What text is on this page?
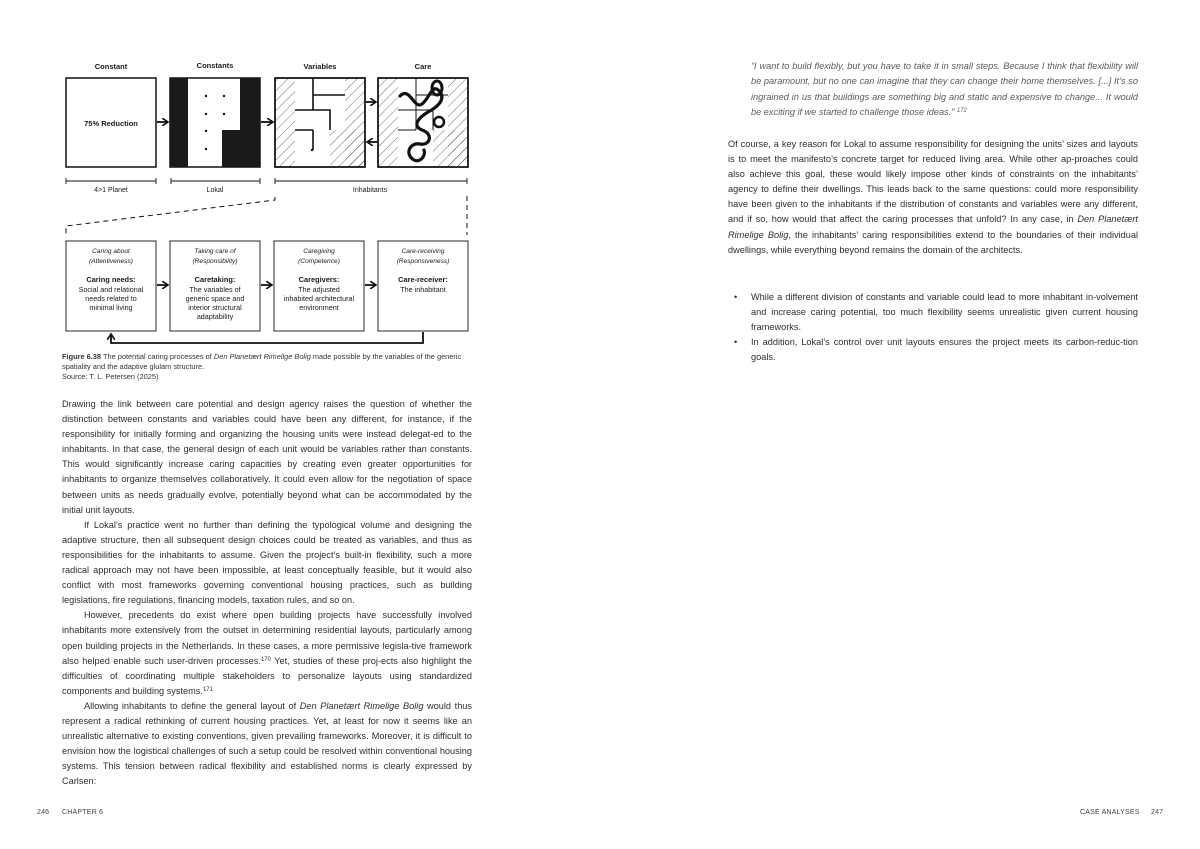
Constant	Constants	Variables	Care
75% Reduction
4>1 Planet	Lokal	Inhabitants
Caring about
(Attentiveness)
Caring needs:
Social and relational
needs related to
minimal living
Taking care of
(Responsibility)
Caretaking:
The variables of
generic space and
interior structural
adaptability
Caregiving
(Competence)
Caregivers:
The adjusted
inhabited architectural
environment
Care-receiving
(Responsiveness)
Care-receiver:
The inhabitant
Figure 6.38 The potential caring processes of Den Planetært Rimelige Bolig made possible by the variables of the generic spatiality and the adaptive glulam structure.
Source: T. L. Petersen (2025)

Drawing the link between care potential and design agency raises the question of whether the distinction between constants and variables could have been any different, for instance, if the responsibility for initially forming and organizing the housing units were instead delegat-ed to the inhabitants. In that case, the general design of each unit would be variables rather than constants. This would significantly increase caring capacities by creating even greater opportunities for inhabitants to organize themselves collaboratively. It could even allow for the negotiation of space between units as needs gradually evolve, potentially beyond what can be accommodated by the initial unit layouts.

If Lokal’s practice went no further than defining the typological volume and designing the adaptive structure, then all subsequent design choices could be treated as variables, and thus as responsibilities for the inhabitants to assume. Given the project’s built-in flexibility, such a more radical approach may not have been impossible, at least conceptually feasible, but it would also conflict with most frameworks governing conventional housing practices, such as building legislations, fire regulations, financing models, taxation rules, and so on.

However, precedents do exist where open building projects have successfully involved inhabitants more extensively from the outset in determining residential layouts, particularly among open building projects in the Netherlands. In these cases, a more permissive legisla-tive framework also helped enable such user-driven processes.$^{170}$ Yet, studies of these proj-ects also highlight the difficulties of coordinating multiple stakeholders to personalize layouts using standardized components and building systems.$^{171}$

Allowing inhabitants to define the general layout of Den Planetært Rimelige Bolig would thus represent a radical rethinking of current housing practices. Yet, at least for now it seems like an unrealistic alternative to existing conventions, given prevailing frameworks. Moreover, it is difficult to envision how the logistical challenges of such a setup could be resolved within conventional housing systems. This tension between radical flexibility and established norms is clearly expressed by Carlsen:

“I want to build flexibly, but you have to take it in small steps. Because I think that flexibility will be paramount, but no one can imagine that they can change their home themselves. [...] It’s so ingrained in us that buildings are something big and static and expensive to change... It would be exciting if we started to challenge those ideas.” $^{172}$

Of course, a key reason for Lokal to assume responsibility for designing the units’ sizes and layouts is to meet the manifesto’s concrete target for reduced living area. While other ap-proaches could also achieve this goal, these would likely impose other kinds of constraints on the inhabitants’ agency to define their dwellings. This leads back to the same questions: could more responsibility have been given to the inhabitants if the distribution of constants and variables were any different, and if so, how would that affect the caring processes that unfold? In any case, in Den Planetært Rimelige Bolig, the inhabitants’ caring responsibilities extend to the boundaries of their individual dwellings, while everything beyond remains the domain of the architects.

• While a different division of constants and variable could lead to more inhabitant in-volvement and increase caring potential, too much flexibility seems unrealistic given current housing frameworks.
• In addition, Lokal’s control over unit layouts ensures the project meets its carbon-reduc-tion goals.
246 CHAPTER 6	CASE ANALYSES 247
